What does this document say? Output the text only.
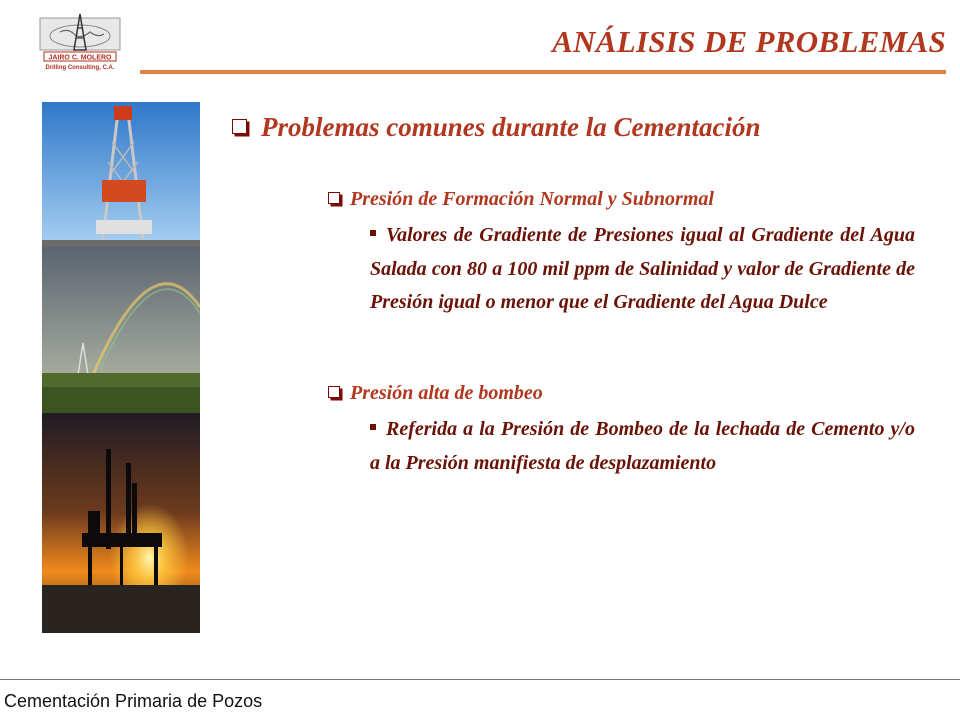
JAIRO C. MOLERO
Drilling Consulting, C.A.
ANÁLISIS DE PROBLEMAS
Problemas comunes durante la Cementación
Presión de Formación Normal y Subnormal
Valores de Gradiente de Presiones igual al Gradiente del Agua Salada con 80 a 100 mil ppm de Salinidad y valor de Gradiente de Presión igual o menor que el Gradiente del Agua Dulce
Presión alta de bombeo
Referida a la Presión de Bombeo de la lechada de Cemento y/o a la Presión manifiesta de desplazamiento
Cementación Primaria de Pozos
